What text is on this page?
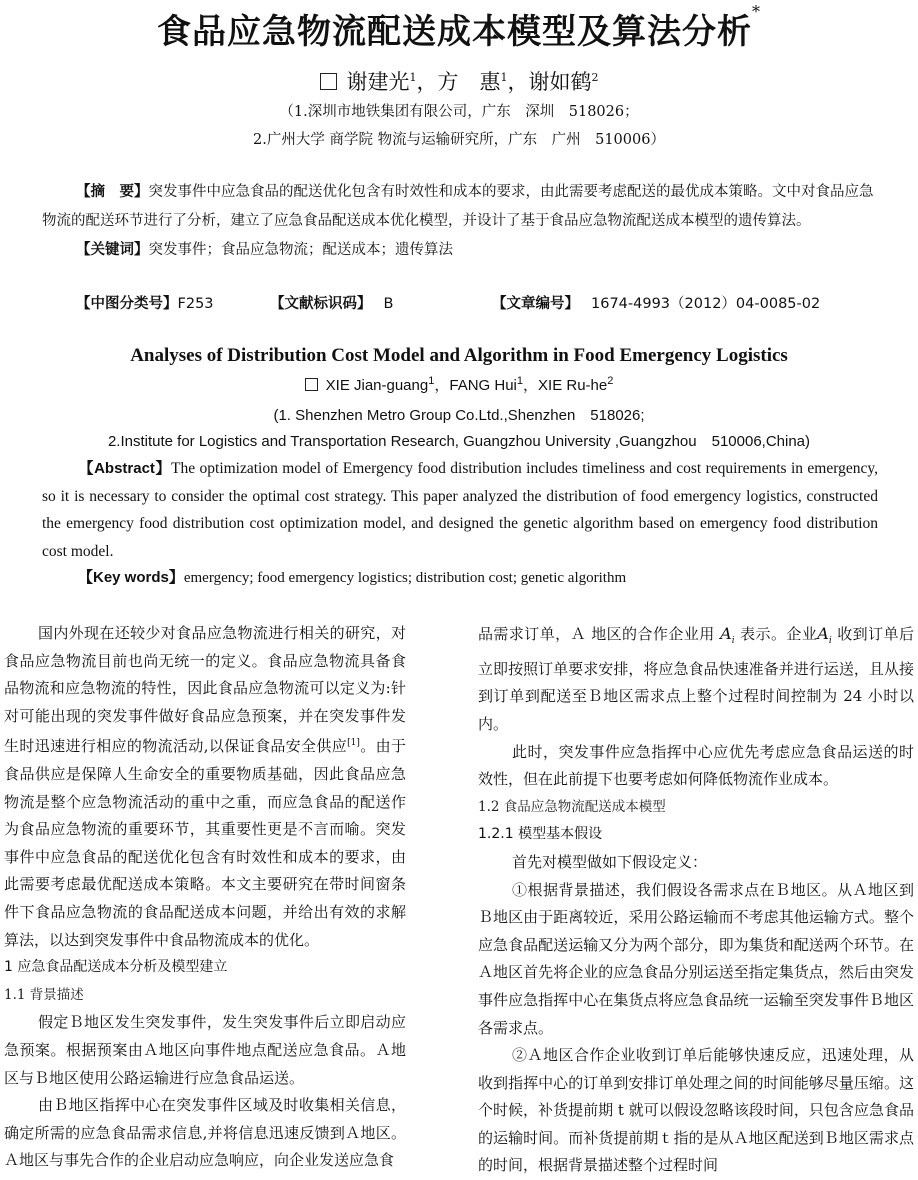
食品应急物流配送成本模型及算法分析*
谢建光$^1$，方　惠$^1$，谢如鹤$^2$
（1.深圳市地铁集团有限公司，广东　深圳　518026；
2.广州大学 商学院 物流与运输研究所，广东　广州　510006）

【摘　要】突发事件中应急食品的配送优化包含有时效性和成本的要求，由此需要考虑配送的最优成本策略。文中对食品应急物流的配送环节进行了分析，建立了应急食品配送成本优化模型，并设计了基于食品应急物流配送成本模型的遗传算法。

【关键词】突发事件；食品应急物流；配送成本；遗传算法

【中图分类号】F253	【文献标识码】 B	【文章编号】 1674-4993（2012）04-0085-02
Analyses of Distribution Cost Model and Algorithm in Food Emergency Logistics
XIE Jian-guang$^1$，FANG Hui$^1$，XIE $Ru-he^2$
(1. Shenzhen Metro Group Co.Ltd.,Shenzhen　518026;
2.Institute for Logistics and Transportation Research, Guangzhou University ,Guangzhou　510006,China)
【Abstract】The optimization model of Emergency food distribution includes timeliness and cost requirements in emergency, so it is necessary to consider the optimal cost strategy. This paper analyzed the distribution of food emergency logistics, constructed the emergency food distribution cost optimization model, and designed the genetic algorithm based on emergency food distribution cost model.
【Key words】emergency; food emergency logistics; distribution cost; genetic algorithm

国内外现在还较少对食品应急物流进行相关的研究，对食品应急物流目前也尚无统一的定义。食品应急物流具备食品物流和应急物流的特性，因此食品应急物流可以定义为:针对可能出现的突发事件做好食品应急预案，并在突发事件发生时迅速进行相应的物流活动,以保证食品安全供应[1]。由于食品供应是保障人生命安全的重要物质基础，因此食品应急物流是整个应急物流活动的重中之重，而应急食品的配送作为食品应急物流的重要环节，其重要性更是不言而喻。突发事件中应急食品的配送优化包含有时效性和成本的要求，由此需要考虑最优配送成本策略。本文主要研究在带时间窗条件下食品应急物流的食品配送成本问题，并给出有效的求解算法，以达到突发事件中食品物流成本的优化。

1 应急食品配送成本分析及模型建立

1.1 背景描述

假定Ｂ地区发生突发事件，发生突发事件后立即启动应急预案。根据预案由Ａ地区向事件地点配送应急食品。Ａ地区与Ｂ地区使用公路运输进行应急食品运送。

由Ｂ地区指挥中心在突发事件区域及时收集相关信息，确定所需的应急食品需求信息,并将信息迅速反馈到Ａ地区。Ａ地区与事先合作的企业启动应急响应，向企业发送应急食

品需求订单，Ａ 地区的合作企业用 $A_i$ 表示。企业$A_i$ 收到订单后立即按照订单要求安排，将应急食品快速准备并进行运送，且从接到订单到配送至Ｂ地区需求点上整个过程时间控制为 24 小时以内。

此时，突发事件应急指挥中心应优先考虑应急食品运送的时效性，但在此前提下也要考虑如何降低物流作业成本。

1.2 食品应急物流配送成本模型

1.2.1 模型基本假设

首先对模型做如下假设定义：

①根据背景描述，我们假设各需求点在Ｂ地区。从Ａ地区到Ｂ地区由于距离较近，采用公路运输而不考虑其他运输方式。整个应急食品配送运输又分为两个部分，即为集货和配送两个环节。在Ａ地区首先将企业的应急食品分别运送至指定集货点，然后由突发事件应急指挥中心在集货点将应急食品统一运输至突发事件Ｂ地区各需求点。

②Ａ地区合作企业收到订单后能够快速反应，迅速处理，从收到指挥中心的订单到安排订单处理之间的时间能够尽量压缩。这个时候，补货提前期 t 就可以假设忽略该段时间，只包含应急食品的运输时间。而补货提前期ｔ指的是从Ａ地区配送到Ｂ地区需求点的时间，根据背景描述整个过程时间
